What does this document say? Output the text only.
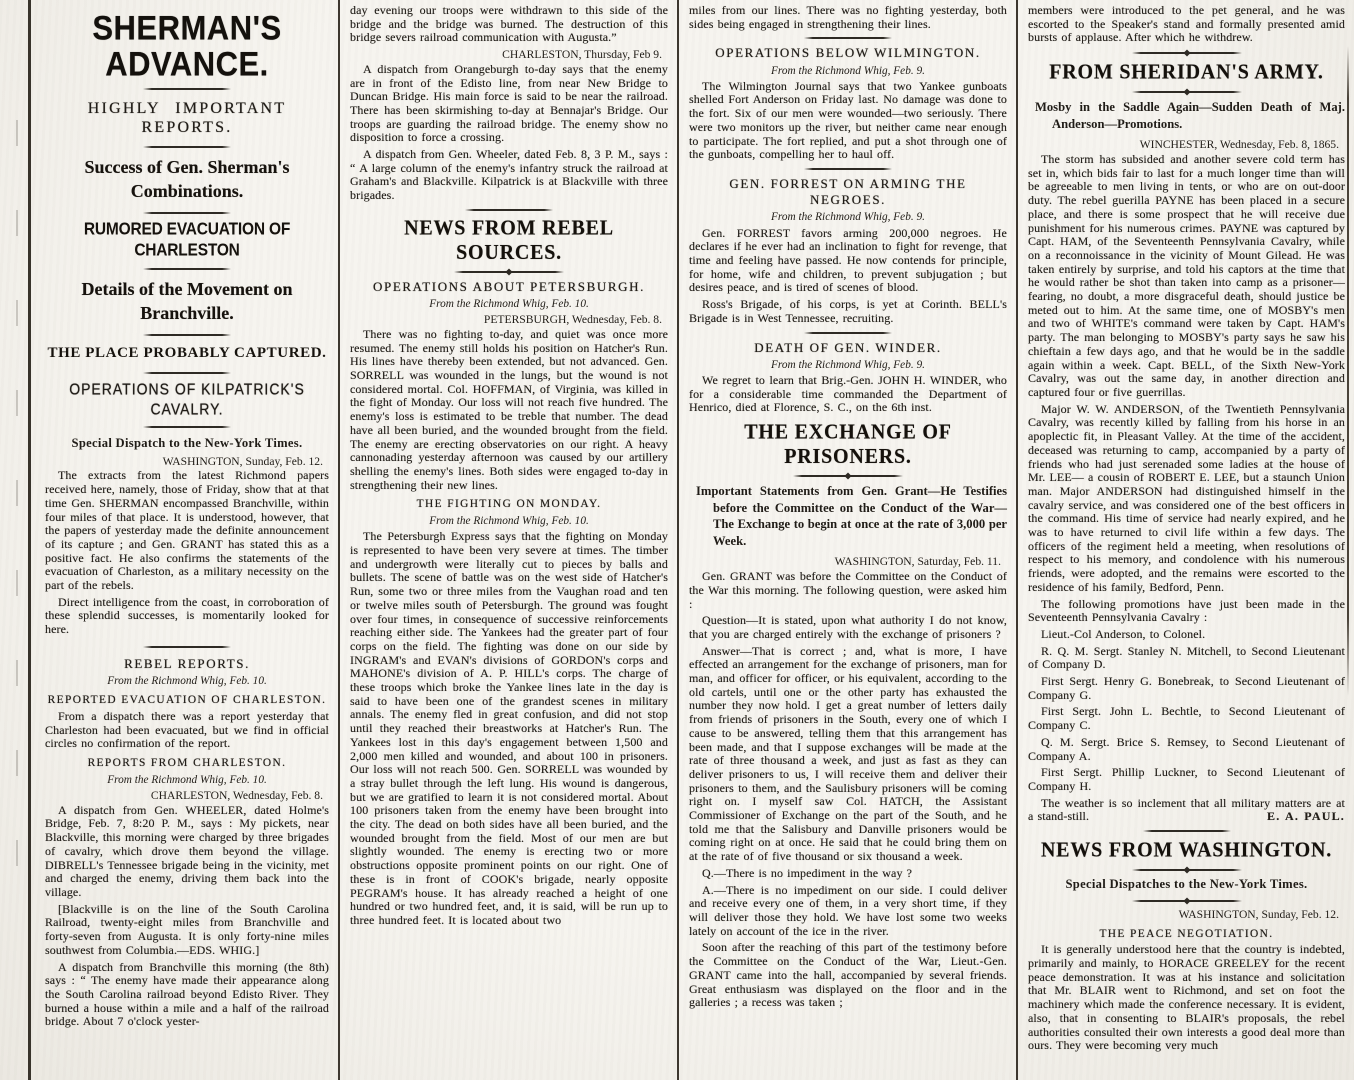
SHERMAN'S ADVANCE.
HIGHLY IMPORTANT REPORTS.
Success of Gen. Sherman's Combinations.
RUMORED EVACUATION OF CHARLESTON
Details of the Movement on Branchville.
THE PLACE PROBABLY CAPTURED.
OPERATIONS OF KILPATRICK'S CAVALRY.
Special Dispatch to the New-York Times.
WASHINGTON, Sunday, Feb. 12.
The extracts from the latest Richmond papers received here, namely, those of Friday, show that at that time Gen. SHERMAN encompassed Branchville, within four miles of that place. It is understood, however, that the papers of yesterday made the definite announcement of its capture ; and Gen. GRANT has stated this as a positive fact. He also confirms the statements of the evacuation of Charleston, as a military necessity on the part of the rebels.
Direct intelligence from the coast, in corroboration of these splendid successes, is momentarily looked for here.
REBEL REPORTS.
From the Richmond Whig, Feb. 10.
REPORTED EVACUATION OF CHARLESTON.
From a dispatch there was a report yesterday that Charleston had been evacuated, but we find in official circles no confirmation of the report.
REPORTS FROM CHARLESTON.
From the Richmond Whig, Feb. 10.
CHARLESTON, Wednesday, Feb. 8.
A dispatch from Gen. WHEELER, dated Holme's Bridge, Feb. 7, 8:20 P. M., says : My pickets, near Blackville, this morning were charged by three brigades of cavalry, which drove them beyond the village. DIBRELL's Tennessee brigade being in the vicinity, met and charged the enemy, driving them back into the village.
[Blackville is on the line of the South Carolina Railroad, twenty-eight miles from Branchville and forty-seven from Augusta. It is only forty-nine miles southwest from Columbia.—EDS. WHIG.]
A dispatch from Branchville this morning (the 8th) says : “ The enemy have made their appearance along the South Carolina railroad beyond Edisto River. They burned a house within a mile and a half of the railroad bridge. About 7 o'clock yester-
day evening our troops were withdrawn to this side of the bridge and the bridge was burned. The destruction of this bridge severs railroad communication with Augusta.”
CHARLESTON, Thursday, Feb 9.
A dispatch from Orangeburgh to-day says that the enemy are in front of the Edisto line, from near New Bridge to Duncan Bridge. His main force is said to be near the railroad. There has been skirmishing to-day at Bennajar's Bridge. Our troops are guarding the railroad bridge. The enemy show no disposition to force a crossing.
A dispatch from Gen. Wheeler, dated Feb. 8, 3 P. M., says : “ A large column of the enemy's infantry struck the railroad at Graham's and Blackville. Kilpatrick is at Blackville with three brigades.
NEWS FROM REBEL SOURCES.
OPERATIONS ABOUT PETERSBURGH.
From the Richmond Whig, Feb. 10.
PETERSBURGH, Wednesday, Feb. 8.
There was no fighting to-day, and quiet was once more resumed. The enemy still holds his position on Hatcher's Run. His lines have thereby been extended, but not advanced. Gen. SORRELL was wounded in the lungs, but the wound is not considered mortal. Col. HOFFMAN, of Virginia, was killed in the fight of Monday. Our loss will not reach five hundred. The enemy's loss is estimated to be treble that number. The dead have all been buried, and the wounded brought from the field. The enemy are erecting observatories on our right. A heavy cannonading yesterday afternoon was caused by our artillery shelling the enemy's lines. Both sides were engaged to-day in strengthening their new lines.
THE FIGHTING ON MONDAY.
From the Richmond Whig, Feb. 10.
The Petersburgh Express says that the fighting on Monday is represented to have been very severe at times. The timber and undergrowth were literally cut to pieces by balls and bullets. The scene of battle was on the west side of Hatcher's Run, some two or three miles from the Vaughan road and ten or twelve miles south of Petersburgh. The ground was fought over four times, in consequence of successive reinforcements reaching either side. The Yankees had the greater part of four corps on the field. The fighting was done on our side by INGRAM's and EVAN's divisions of GORDON's corps and MAHONE's division of A. P. HILL's corps. The charge of these troops which broke the Yankee lines late in the day is said to have been one of the grandest scenes in military annals. The enemy fled in great confusion, and did not stop until they reached their breastworks at Hatcher's Run. The Yankees lost in this day's engagement between 1,500 and 2,000 men killed and wounded, and about 100 in prisoners. Our loss will not reach 500. Gen. SORRELL was wounded by a stray bullet through the left lung. His wound is dangerous, but we are gratified to learn it is not considered mortal. About 100 prisoners taken from the enemy have been brought into the city. The dead on both sides have all been buried, and the wounded brought from the field. Most of our men are but slightly wounded. The enemy is erecting two or more obstructions opposite prominent points on our right. One of these is in front of COOK's brigade, nearly opposite PEGRAM's house. It has already reached a height of one hundred or two hundred feet, and, it is said, will be run up to three hundred feet. It is located about two
miles from our lines. There was no fighting yesterday, both sides being engaged in strengthening their lines.
OPERATIONS BELOW WILMINGTON.
From the Richmond Whig, Feb. 9.
The Wilmington Journal says that two Yankee gunboats shelled Fort Anderson on Friday last. No damage was done to the fort. Six of our men were wounded—two seriously. There were two monitors up the river, but neither came near enough to participate. The fort replied, and put a shot through one of the gunboats, compelling her to haul off.
GEN. FORREST ON ARMING THE NEGROES.
From the Richmond Whig, Feb. 9.
Gen. FORREST favors arming 200,000 negroes. He declares if he ever had an inclination to fight for revenge, that time and feeling have passed. He now contends for principle, for home, wife and children, to prevent subjugation ; but desires peace, and is tired of scenes of blood.
Ross's Brigade, of his corps, is yet at Corinth. BELL's Brigade is in West Tennessee, recruiting.
DEATH OF GEN. WINDER.
From the Richmond Whig, Feb. 9.
We regret to learn that Brig.-Gen. JOHN H. WINDER, who for a considerable time commanded the Department of Henrico, died at Florence, S. C., on the 6th inst.
THE EXCHANGE OF PRISONERS.
Important Statements from Gen. Grant—He Testifies before the Committee on the Conduct of the War—The Exchange to begin at once at the rate of 3,000 per Week.
WASHINGTON, Saturday, Feb. 11.
Gen. GRANT was before the Committee on the Conduct of the War this morning. The following question, were asked him :
Question—It is stated, upon what authority I do not know, that you are charged entirely with the exchange of prisoners ?
Answer—That is correct ; and, what is more, I have effected an arrangement for the exchange of prisoners, man for man, and officer for officer, or his equivalent, according to the old cartels, until one or the other party has exhausted the number they now hold. I get a great number of letters daily from friends of prisoners in the South, every one of which I cause to be answered, telling them that this arrangement has been made, and that I suppose exchanges will be made at the rate of three thousand a week, and just as fast as they can deliver prisoners to us, I will receive them and deliver their prisoners to them, and the Saulisbury prisoners will be coming right on. I myself saw Col. HATCH, the Assistant Commissioner of Exchange on the part of the South, and he told me that the Salisbury and Danville prisoners would be coming right on at once. He said that he could bring them on at the rate of of five thousand or six thousand a week.
Q.—There is no impediment in the way ?
A.—There is no impediment on our side. I could deliver and receive every one of them, in a very short time, if they will deliver those they hold. We have lost some two weeks lately on account of the ice in the river.
Soon after the reaching of this part of the testimony before the Committee on the Conduct of the War, Lieut.-Gen. GRANT came into the hall, accompanied by several friends. Great enthusiasm was displayed on the floor and in the galleries ; a recess was taken ;
members were introduced to the pet general, and he was escorted to the Speaker's stand and formally presented amid bursts of applause. After which he withdrew.
FROM SHERIDAN'S ARMY.
Mosby in the Saddle Again—Sudden Death of Maj. Anderson—Promotions.
WINCHESTER, Wednesday, Feb. 8, 1865.
The storm has subsided and another severe cold term has set in, which bids fair to last for a much longer time than will be agreeable to men living in tents, or who are on out-door duty. The rebel guerilla PAYNE has been placed in a secure place, and there is some prospect that he will receive due punishment for his numerous crimes. PAYNE was captured by Capt. HAM, of the Seventeenth Pennsylvania Cavalry, while on a reconnoissance in the vicinity of Mount Gilead. He was taken entirely by surprise, and told his captors at the time that he would rather be shot than taken into camp as a prisoner—fearing, no doubt, a more disgraceful death, should justice be meted out to him. At the same time, one of MOSBY's men and two of WHITE's command were taken by Capt. HAM's party. The man belonging to MOSBY's party says he saw his chieftain a few days ago, and that he would be in the saddle again within a week. Capt. BELL, of the Sixth New-York Cavalry, was out the same day, in another direction and captured four or five guerrillas.
Major W. W. ANDERSON, of the Twentieth Pennsylvania Cavalry, was recently killed by falling from his horse in an apoplectic fit, in Pleasant Valley. At the time of the accident, deceased was returning to camp, accompanied by a party of friends who had just serenaded some ladies at the house of Mr. LEE— a cousin of ROBERT E. LEE, but a staunch Union man. Major ANDERSON had distinguished himself in the cavalry service, and was considered one of the best officers in the command. His time of service had nearly expired, and he was to have returned to civil life within a few days. The officers of the regiment held a meeting, when resolutions of respect to his memory, and condolence with his numerous friends, were adopted, and the remains were escorted to the residence of his family, Bedford, Penn.
The following promotions have just been made in the Seventeenth Pennsylvania Cavalry :
Lieut.-Col Anderson, to Colonel.
R. Q. M. Sergt. Stanley N. Mitchell, to Second Lieutenant of Company D.
First Sergt. Henry G. Bonebreak, to Second Lieutenant of Company G.
First Sergt. John L. Bechtle, to Second Lieutenant of Company C.
Q. M. Sergt. Brice S. Remsey, to Second Lieutenant of Company A.
First Sergt. Phillip Luckner, to Second Lieutenant of Company H.
The weather is so inclement that all military matters are at a stand-still.	E. A. PAUL.
NEWS FROM WASHINGTON.
Special Dispatches to the New-York Times.
WASHINGTON, Sunday, Feb. 12.
THE PEACE NEGOTIATION.
It is generally understood here that the country is indebted, primarily and mainly, to HORACE GREELEY for the recent peace demonstration. It was at his instance and solicitation that Mr. BLAIR went to Richmond, and set on foot the machinery which made the conference necessary. It is evident, also, that in consenting to BLAIR's proposals, the rebel authorities consulted their own interests a good deal more than ours. They were becoming very much
